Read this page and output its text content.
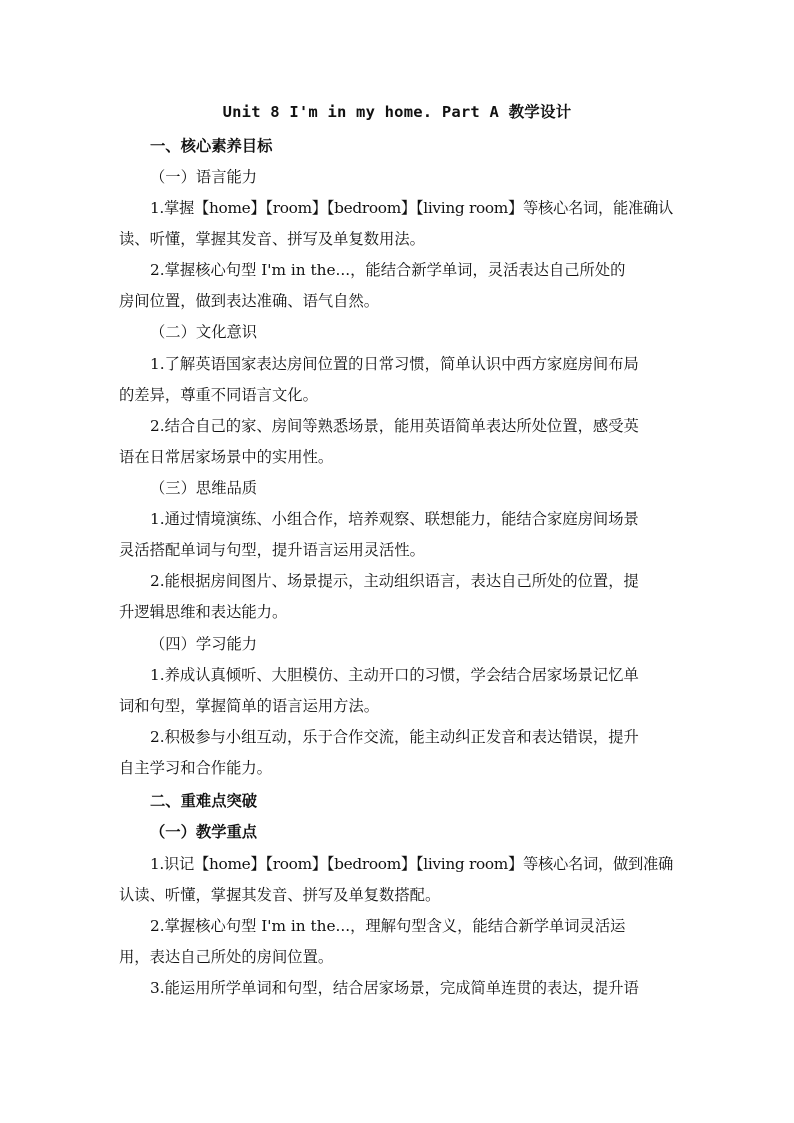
Unit 8 I'm in my home. Part A 教学设计
一、核心素养目标
（一）语言能力
1.掌握【home】【room】【bedroom】【living room】等核心名词，能准确认
读、听懂，掌握其发音、拼写及单复数用法。
2.掌握核心句型 I'm in the...，能结合新学单词，灵活表达自己所处的
房间位置，做到表达准确、语气自然。
（二）文化意识
1.了解英语国家表达房间位置的日常习惯，简单认识中西方家庭房间布局
的差异，尊重不同语言文化。
2.结合自己的家、房间等熟悉场景，能用英语简单表达所处位置，感受英
语在日常居家场景中的实用性。
（三）思维品质
1.通过情境演练、小组合作，培养观察、联想能力，能结合家庭房间场景
灵活搭配单词与句型，提升语言运用灵活性。
2.能根据房间图片、场景提示，主动组织语言，表达自己所处的位置，提
升逻辑思维和表达能力。
（四）学习能力
1.养成认真倾听、大胆模仿、主动开口的习惯，学会结合居家场景记忆单
词和句型，掌握简单的语言运用方法。
2.积极参与小组互动，乐于合作交流，能主动纠正发音和表达错误，提升
自主学习和合作能力。
二、重难点突破
（一）教学重点
1.识记【home】【room】【bedroom】【living room】等核心名词，做到准确
认读、听懂，掌握其发音、拼写及单复数搭配。
2.掌握核心句型 I'm in the...，理解句型含义，能结合新学单词灵活运
用，表达自己所处的房间位置。
3.能运用所学单词和句型，结合居家场景，完成简单连贯的表达，提升语
